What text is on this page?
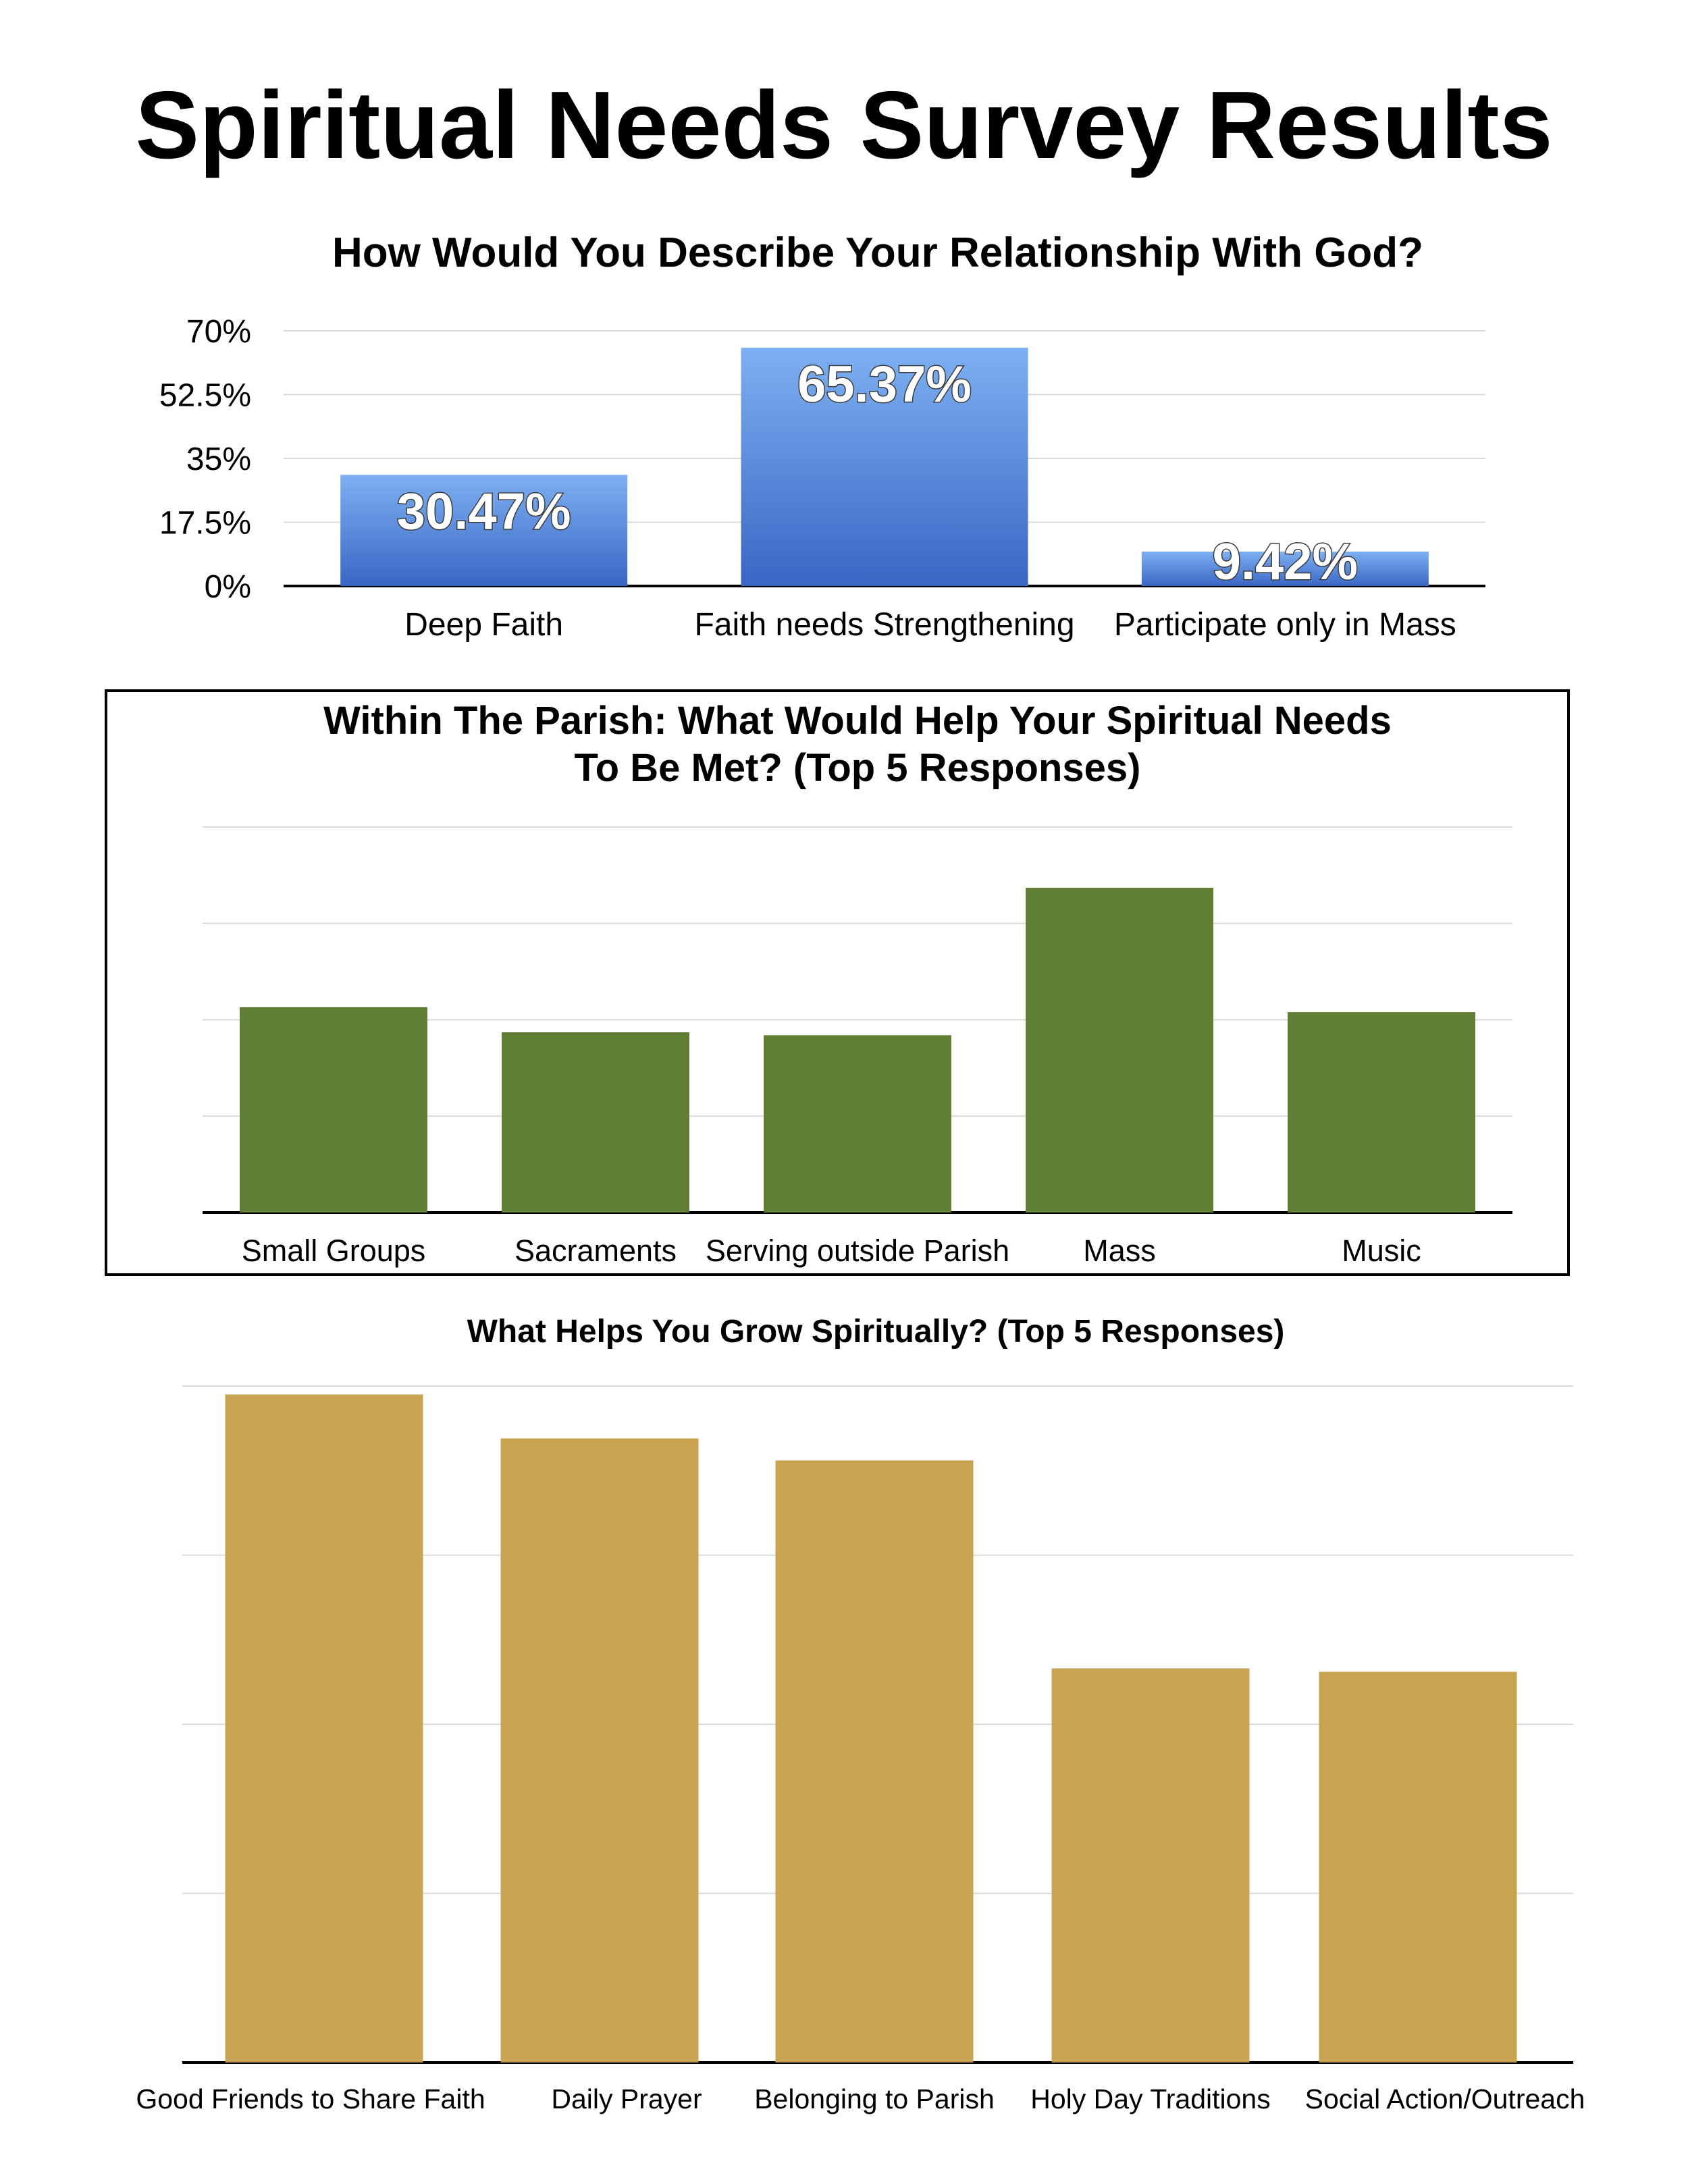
Spiritual Needs Survey Results
How Would You Describe Your Relationship With God?
0%
17.5%
35%
52.5%
70%
Deep Faith	Faith needs Strengthening Participate only in Mass
30.47%
65.37%
9.42%
Within The Parish: What Would Help Your Spiritual Needs
To Be Met? (Top 5 Responses)
Small Groups	Sacraments Serving outside Parish Mass	Music
What Helps You Grow Spiritually? (Top 5 Responses)
Good Friends to Share Faith Daily Prayer Belonging to Parish Holy Day Traditions Social Action/Outreach
